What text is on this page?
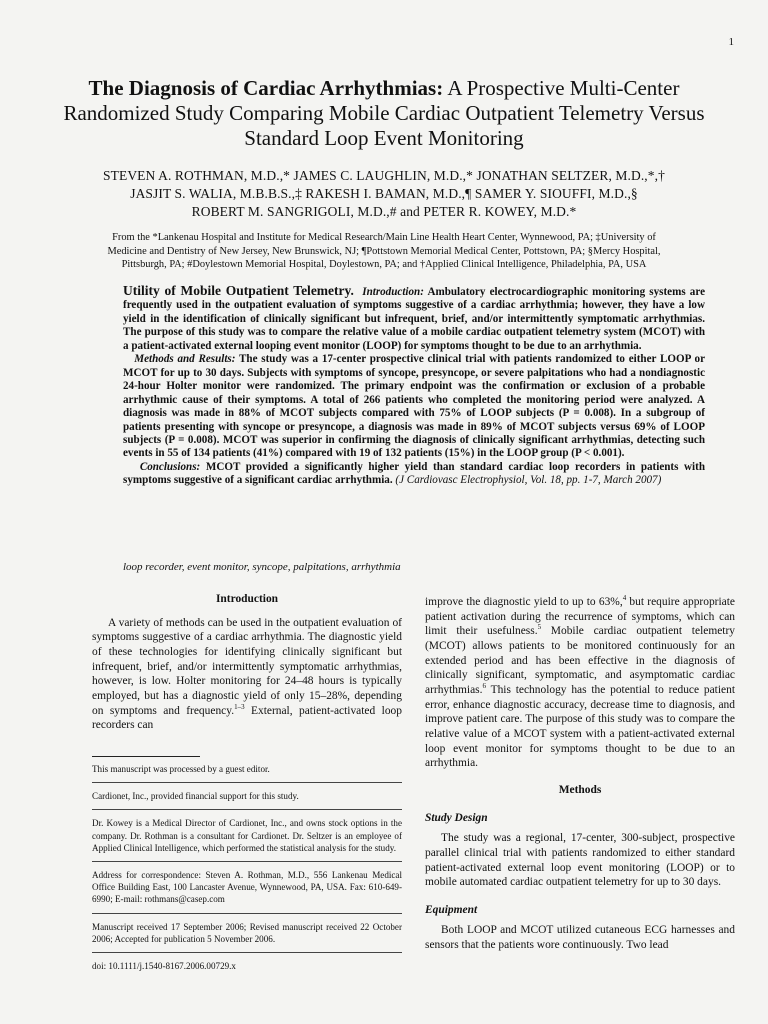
1
The Diagnosis of Cardiac Arrhythmias: A Prospective Multi-Center Randomized Study Comparing Mobile Cardiac Outpatient Telemetry Versus Standard Loop Event Monitoring
STEVEN A. ROTHMAN, M.D.,* JAMES C. LAUGHLIN, M.D.,* JONATHAN SELTZER, M.D.,*,†
JASJIT S. WALIA, M.B.B.S.,‡ RAKESH I. BAMAN, M.D.,¶ SAMER Y. SIOUFFI, M.D.,§
ROBERT M. SANGRIGOLI, M.D.,# and PETER R. KOWEY, M.D.*
From the *Lankenau Hospital and Institute for Medical Research/Main Line Health Heart Center, Wynnewood, PA; ‡University of Medicine and Dentistry of New Jersey, New Brunswick, NJ; ¶Pottstown Memorial Medical Center, Pottstown, PA; §Mercy Hospital, Pittsburgh, PA; #Doylestown Memorial Hospital, Doylestown, PA; and †Applied Clinical Intelligence, Philadelphia, PA, USA
Utility of Mobile Outpatient Telemetry. Introduction: Ambulatory electrocardiographic monitoring systems are frequently used in the outpatient evaluation of symptoms suggestive of a cardiac arrhythmia; however, they have a low yield in the identification of clinically significant but infrequent, brief, and/or intermittently symptomatic arrhythmias. The purpose of this study was to compare the relative value of a mobile cardiac outpatient telemetry system (MCOT) with a patient-activated external looping event monitor (LOOP) for symptoms thought to be due to an arrhythmia.
Methods and Results: The study was a 17-center prospective clinical trial with patients randomized to either LOOP or MCOT for up to 30 days. Subjects with symptoms of syncope, presyncope, or severe palpitations who had a nondiagnostic 24-hour Holter monitor were randomized. The primary endpoint was the confirmation or exclusion of a probable arrhythmic cause of their symptoms. A total of 266 patients who completed the monitoring period were analyzed. A diagnosis was made in 88% of MCOT subjects compared with 75% of LOOP subjects (P = 0.008). In a subgroup of patients presenting with syncope or presyncope, a diagnosis was made in 89% of MCOT subjects versus 69% of LOOP subjects (P = 0.008). MCOT was superior in confirming the diagnosis of clinically significant arrhythmias, detecting such events in 55 of 134 patients (41%) compared with 19 of 132 patients (15%) in the LOOP group (P < 0.001).
Conclusions: MCOT provided a significantly higher yield than standard cardiac loop recorders in patients with symptoms suggestive of a significant cardiac arrhythmia. (J Cardiovasc Electrophysiol, Vol. 18, pp. 1-7, March 2007)
loop recorder, event monitor, syncope, palpitations, arrhythmia
Introduction

A variety of methods can be used in the outpatient evaluation of symptoms suggestive of a cardiac arrhythmia. The diagnostic yield of these technologies for identifying clinically significant but infrequent, brief, and/or intermittently symptomatic arrhythmias, however, is low. Holter monitoring for 24–48 hours is typically employed, but has a diagnostic yield of only 15–28%, depending on symptoms and frequency.$^{1-3}$ External, patient-activated loop recorders can

This manuscript was processed by a guest editor.
Cardionet, Inc., provided financial support for this study.
Dr. Kowey is a Medical Director of Cardionet, Inc., and owns stock options in the company. Dr. Rothman is a consultant for Cardionet. Dr. Seltzer is an employee of Applied Clinical Intelligence, which performed the statistical analysis for the study.
Address for correspondence: Steven A. Rothman, M.D., 556 Lankenau Medical Office Building East, 100 Lancaster Avenue, Wynnewood, PA, USA. Fax: 610-649-6990; E-mail: rothmans@casep.com
Manuscript received 17 September 2006; Revised manuscript received 22 October 2006; Accepted for publication 5 November 2006.
doi: 10.1111/j.1540-8167.2006.00729.x
improve the diagnostic yield to up to 63%,$^4$ but require appropriate patient activation during the recurrence of symptoms, which can limit their usefulness.$^5$ Mobile cardiac outpatient telemetry (MCOT) allows patients to be monitored continuously for an extended period and has been effective in the diagnosis of clinically significant, symptomatic, and asymptomatic cardiac arrhythmias.$^6$ This technology has the potential to reduce patient error, enhance diagnostic accuracy, decrease time to diagnosis, and improve patient care. The purpose of this study was to compare the relative value of a MCOT system with a patient-activated external loop event monitor for symptoms thought to be due to an arrhythmia.
Methods
Study Design

The study was a regional, 17-center, 300-subject, prospective parallel clinical trial with patients randomized to either standard patient-activated external loop event monitoring (LOOP) or to mobile automated cardiac outpatient telemetry for up to 30 days.

Equipment

Both LOOP and MCOT utilized cutaneous ECG harnesses and sensors that the patients wore continuously. Two lead
